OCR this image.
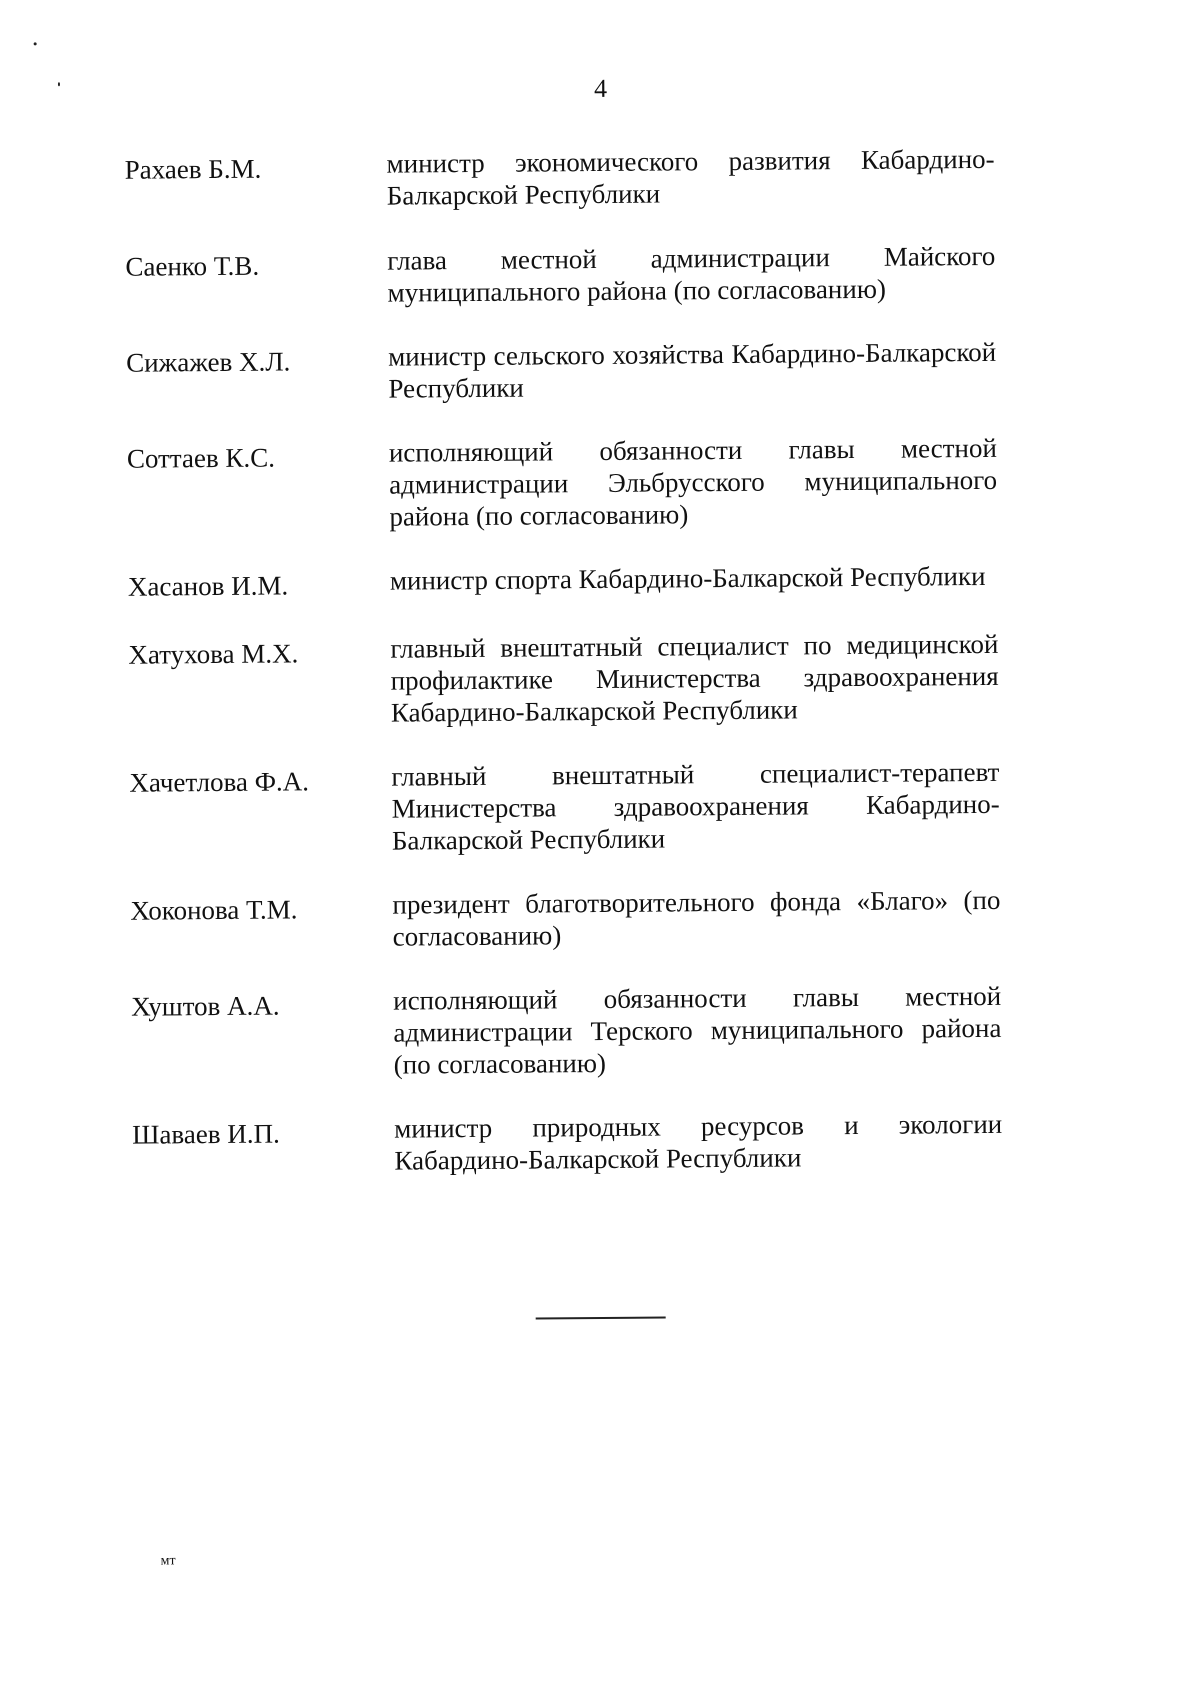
4
Рахаев Б.М.	министр экономического развития Кабардино-Балкарской Республики
Саенко Т.В.	глава местной администрации Майского муниципального района (по согласованию)
Сижажев Х.Л.	министр сельского хозяйства Кабардино-Балкарской Республики
Соттаев К.С.	исполняющий обязанности главы местной администрации Эльбрусского муниципального района (по согласованию)
Хасанов И.М.	министр спорта Кабардино-Балкарской Республики
Хатухова М.Х.	главный внештатный специалист по медицинской профилактике Министерства здравоохранения Кабардино-Балкарской Республики
Хачетлова Ф.А.	главный внештатный специалист-терапевт Министерства здравоохранения Кабардино-Балкарской Республики
Хоконова Т.М.	президент благотворительного фонда «Благо» (по согласованию)
Хуштов А.А.	исполняющий обязанности главы местной администрации Терского муниципального района (по согласованию)
Шаваев И.П.	министр природных ресурсов и экологии Кабардино-Балкарской Республики
мт
